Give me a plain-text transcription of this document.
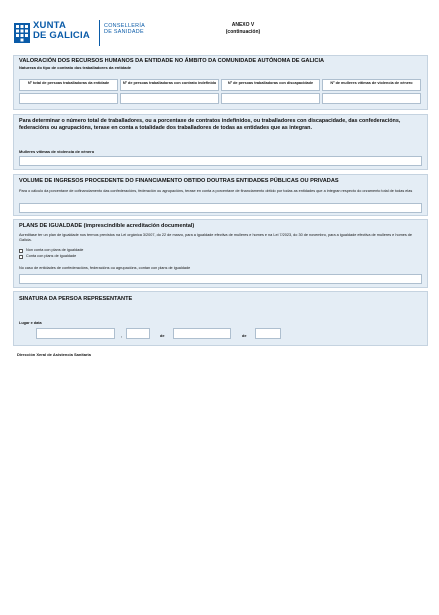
XUNTA
DE GALICIA
CONSELLERÍA
DE SANIDADE
ANEXO V
(continuación)
VALORACIÓN DOS RECURSOS HUMANOS DA ENTIDADE NO ÁMBITO DA COMUNIDADE AUTÓNOMA DE GALICIA
Natureza do tipo de contrato dos traballadores da entidade
Nº total de persoas traballadoras da entidade	Nº de persoas traballadoras con contrato indefinido	Nº de persoas traballadoras con discapacidade	Nº de mulleres vítimas de violencia de xénero
Para determinar o número total de traballadores, ou a porcentaxe de contratos indefinidos, ou traballadores con discapacidade, das confederacións, federacións ou agrupacións, terase en conta a totalidade dos traballadores de todas as entidades que as integran.
Mulleres vítimas de violencia de xénero
VOLUME DE INGRESOS PROCEDENTE DO FINANCIAMENTO OBTIDO DOUTRAS ENTIDADES PÚBLICAS OU PRIVADAS
Para o cálculo da porcentaxe de cofinanciamento das confederacións, federación ou agrupacións, terase en conta a porcentaxe de financiamento obtido por todas as entidades que a integran respecto do orzamento total de todas elas
PLANS DE IGUALDADE (imprescindible acreditación documental)
Acreditase ter un plan de igualdade nos termos previstos na Lei orgánica 3/2007, do 22 de marzo, para a igualdade efectiva de mulleres e homes e na Lei 7/2023, do 30 de novembro, para a igualdade efectiva de mulleres e homes de Galicia.
Non conta con plans de igualdade
Conta con plans de igualdade
No caso de entidades de confederacións, federacións ou agrupacións, contan con plans de igualdade
SINATURA DA PERSOA REPRESENTANTE
Lugar e data
,	de	de
Dirección Xeral de Asistencia Sanitaria
